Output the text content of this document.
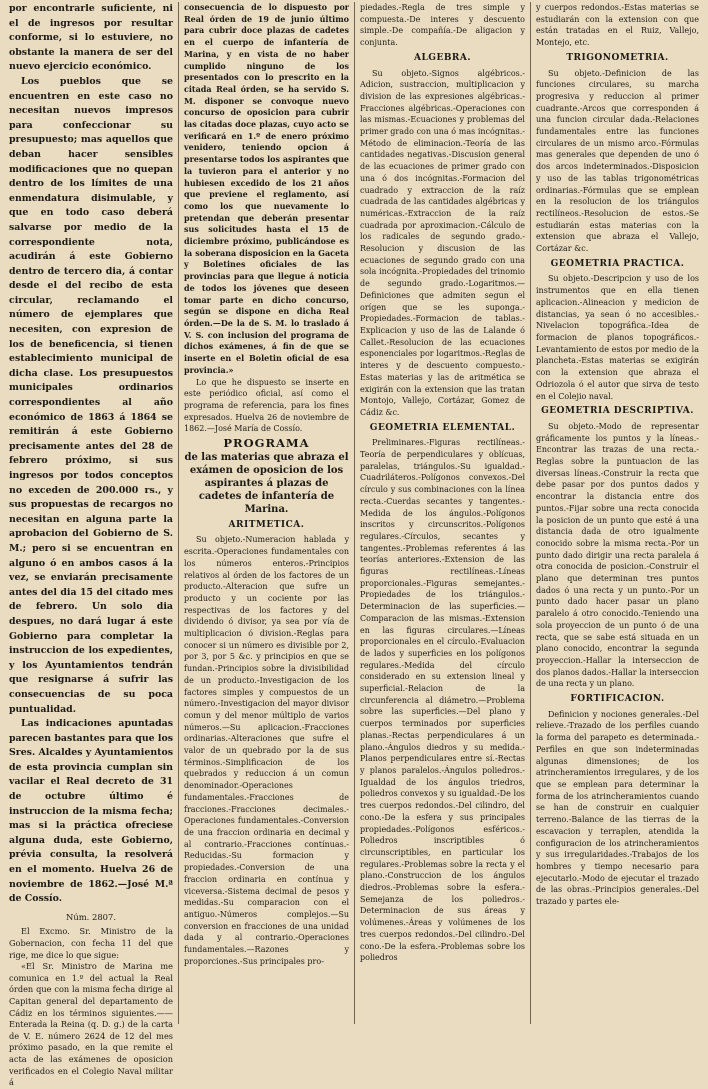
por encontrarle suficiente, ni el de ingresos por resultar conforme, si lo estuviere, no obstante la manera de ser del nuevo ejercicio económico.

Los pueblos que se encuentren en este caso no necesitan nuevos impresos para confeccionar su presupuesto; mas aquellos que deban hacer sensibles modificaciones que no quepan dentro de los límites de una enmendatura disimulable, y que en todo caso deberá salvarse por medio de la correspondiente nota, acudirán á este Gobierno dentro de tercero dia, á contar desde el del recibo de esta circular, reclamando el número de ejemplares que necesiten, con expresion de los de beneficencia, si tienen establecimiento municipal de dicha clase. Los presupuestos municipales ordinarios correspondientes al año económico de 1863 á 1864 se remitirán á este Gobierno precisamente antes del 28 de febrero próximo, si sus ingresos por todos conceptos no exceden de 200.000 rs., y sus propuestas de recargos no necesitan en alguna parte la aprobacion del Gobierno de S. M.; pero si se encuentran en alguno ó en ambos casos á la vez, se enviarán precisamente antes del dia 15 del citado mes de febrero. Un solo dia despues, no dará lugar á este Gobierno para completar la instruccion de los expedientes, y los Ayuntamientos tendrán que resignarse á sufrir las consecuencias de su poca puntualidad.

Las indicaciones apuntadas parecen bastantes para que los Sres. Alcaldes y Ayuntamientos de esta provincia cumplan sin vacilar el Real decreto de 31 de octubre último é instruccion de la misma fecha; mas si la práctica ofreciese alguna duda, este Gobierno, prévia consulta, la resolverá en el momento. Huelva 26 de noviembre de 1862.—José M.ª de Cossío.

Núm. 2807.

El Excmo. Sr. Ministro de la Gobernacion, con fecha 11 del que rige, me dice lo que sigue:

«El Sr. Ministro de Marina me comunica en 1.º del actual la Real órden que con la misma fecha dirige al Capitan general del departamento de Cádiz en los términos siguientes.——Enterada la Reina (q. D. g.) de la carta de V. E. número 2624 de 12 del mes próximo pasado, en la que remite el acta de las exámenes de oposicion verificados en el Colegio Naval militar á

consecuencia de lo dispuesto por Real órden de 19 de junio último para cubrir doce plazas de cadetes en el cuerpo de infantería de Marina, y en vista de no haber cumplido ninguno de los presentados con lo prescrito en la citada Real órden, se ha servido S. M. disponer se convoque nuevo concurso de oposicion para cubrir las citadas doce plazas, cuyo acto se verificará en 1.º de enero próximo venidero, teniendo opcion á presentarse todos los aspirantes que la tuvieron para el anterior y no hubiesen excedido de los 21 años que previene el reglamento, así como los que nuevamente lo pretendan que deberán presentar sus solicitudes hasta el 15 de diciembre próximo, publicándose es la soberana disposicion en la Gaceta y Boletines oficiales de las provincias para que llegue á noticia de todos los jóvenes que deseen tomar parte en dicho concurso, según se dispone en dicha Real órden.—De la de S. M. lo traslado á V. S. con inclusion del programa de dichos exámenes, á fin de que se inserte en el Boletin oficial de esa provincia.»

Lo que he dispuesto se inserte en este periódico oficial, así como el programa de referencia, para los fines expresados. Huelva 26 de noviembre de 1862.—José María de Cossío.

PROGRAMA
de las materias que abraza el exámen de oposicion de los aspirantes á plazas de cadetes de infantería de Marina.
ARITMETICA.

Su objeto.-Numeracion hablada y escrita.-Operaciones fundamentales con los números enteros.-Principios relativos al órden de los factores de un producto.-Alteracion que sufre un producto y un cociente por las respectivas de los factores y del dividendo ó divisor, ya sea por vía de multiplicacion ó division.-Reglas para conocer si un número es divisible por 2, por 3, por 5 &c. y principios en que se fundan.-Principios sobre la divisibilidad de un producto.-Investigacion de los factores simples y compuestos de un número.-Investigacion del mayor divisor comun y del menor múltiplo de varios números.—Su aplicacion.-Fracciones ordinarias.-Alteraciones que sufre el valor de un quebrado por la de sus términos.-Simplificacion de los quebrados y reduccion á un comun denominador.-Operaciones fundamentales.-Fracciones de fracciones.-Fracciones decimales.-Operaciones fundamentales.-Conversion de una fraccion ordinaria en decimal y al contrario.-Fracciones contínuas.-Reducidas.-Su formacion y propiedades.-Conversion de una fraccion ordinaria en contínua y viceversa.-Sistema decimal de pesos y medidas.-Su comparacion con el antiguo.-Números complejos.—Su conversion en fracciones de una unidad dada y al contrario.-Operaciones fundamentales.—Razones y proporciones.-Sus principales pro-

piedades.-Regla de tres simple y compuesta.-De interes y descuento simple.-De compañía.-De aligacion y conjunta.

ALGEBRA.

Su objeto.-Signos algébricos.-Adicion, sustraccion, multiplicacion y division de las expresiones algébricas.-Fracciones algébricas.-Operaciones con las mismas.-Ecuaciones y problemas del primer grado con una ó mas incógnitas.-Método de eliminacion.-Teoría de las cantidades negativas.-Discusion general de las ecuaciones de primer grado con una ó dos incógnitas.-Formacion del cuadrado y extraccion de la raíz cuadrada de las cantidades algébricas y numéricas.-Extraccion de la raíz cuadrada por aproximacion.-Cálculo de los radicales de segundo grado.-Resolucion y discusion de las ecuaciones de segundo grado con una sola incógnita.-Propiedades del trinomio de segundo grado.-Logaritmos.—Definiciones que admiten segun el orígen que se les suponga.-Propiedades.-Formacion de tablas.-Explicacion y uso de las de Lalande ó Callet.-Resolucion de las ecuaciones esponenciales por logaritmos.-Reglas de interes y de descuento compuesto.-Estas materias y las de aritmética se exigirán con la extension que las tratan Montojo, Vallejo, Cortázar, Gomez de Cádiz &c.

GEOMETRIA ELEMENTAL.

Preliminares.-Figuras rectilíneas.-Teoría de perpendiculares y oblícuas, paralelas, triángulos.-Su igualdad.-Cuadriláteros.-Polígonos convexos.-Del círculo y sus combinaciones con la línea recta.-Cuerdas secantes y tangentes.-Medida de los ángulos.-Polígonos inscritos y circunscritos.-Polígonos regulares.-Círculos, secantes y tangentes.-Problemas referentes á las teorías anteriores.-Extension de las figuras rectilíneas.-Líneas proporcionales.-Figuras semejantes.-Propiedades de los triángulos.-Determinacion de las superficies.—Comparacion de las mismas.-Extension en las figuras circulares.—Líneas proporcionales en el círculo.-Evaluacion de lados y superficies en los polígonos regulares.-Medida del círculo considerado en su extension lineal y superficial.-Relacion de la circunferencia al diámetro.—Problema sobre las superficies.—Del plano y cuerpos terminados por superficies planas.-Rectas perpendiculares á un plano.-Ángulos diedros y su medida.-Planos perpendiculares entre sí.-Rectas y planos paralelos.-Ángulos poliedros.-Igualdad de los ángulos triedros, poliedros convexos y su igualdad.-De los tres cuerpos redondos.-Del cilindro, del cono.-De la esfera y sus principales propiedades.-Polígonos esféricos.-Poliedros inscriptibles ó circunscriptibles, en particular los regulares.-Problemas sobre la recta y el plano.-Construccion de los ángulos diedros.-Problemas sobre la esfera.-Semejanza de los poliedros.-Determinacion de sus áreas y volúmenes.-Áreas y volúmenes de los tres cuerpos redondos.-Del cilindro.-Del cono.-De la esfera.-Problemas sobre los poliedros

y cuerpos redondos.-Estas materias se estudiarán con la extension con que están tratadas en el Ruiz, Vallejo, Montejo, etc.

TRIGONOMETRIA.

Su objeto.-Definicion de las funciones circulares, su marcha progresiva y reduccion al primer cuadrante.-Arcos que corresponden á una funcion circular dada.-Relaciones fundamentales entre las funciones circulares de un mismo arco.-Fórmulas mas generales que dependen de uno ó dos arcos indeterminados.-Disposicion y uso de las tablas trigonométricas ordinarias.-Fórmulas que se emplean en la resolucion de los triángulos rectilíneos.-Resolucion de estos.-Se estudiarán estas materias con la extension que abraza el Vallejo, Cortázar &c.

GEOMETRIA PRACTICA.

Su objeto.-Descripcion y uso de los instrumentos que en ella tienen aplicacion.-Alineacion y medicion de distancias, ya sean ó no accesibles.-Nivelacion topográfica.-Idea de formacion de planos topográficos.-Levantamiento de estos por medio de la plancheta.-Estas materias se exigirán con la extension que abraza el Odriozola ó el autor que sirva de testo en el Colejio naval.

GEOMETRIA DESCRIPTIVA.

Su objeto.-Modo de representar gráficamente los puntos y la líneas.-Encontrar las trazas de una recta.-Reglas sobre la puntuacion de las diversas líneas.-Construir la recta que debe pasar por dos puntos dados y encontrar la distancia entre dos puntos.-Fijar sobre una recta conocida la posicion de un punto que esté á una distancia dada de otro igualmente conocido sobre la misma recta.-Por un punto dado dirigir una recta paralela á otra conocida de posicion.-Construir el plano que determinan tres puntos dados ó una recta y un punto.-Por un punto dado hacer pasar un plano paralelo á otro conocido.-Teniendo una sola proyeccion de un punto ó de una recta, que se sabe está situada en un plano conocido, encontrar la segunda proyeccion.-Hallar la interseccion de dos planos dados.-Hallar la interseccion de una recta y un plano.

FORTIFICACION.

Definicion y nociones generales.-Del relieve.-Trazado de los perfiles cuando la forma del parapeto es determinada.-Perfiles en que son indeterminadas algunas dimensiones; de los atrincheramientos irregulares, y de los que se emplean para determinar la forma de los atrincheramientos cuando se han de construir en cualquier terreno.-Balance de las tierras de la escavacion y terraplen, atendida la configuracion de los atrincheramientos y sus irregularidades.-Trabajos de los hombres y tiempo necesario para ejecutarlo.-Modo de ejecutar el trazado de las obras.-Principios generales.-Del trazado y partes ele-
